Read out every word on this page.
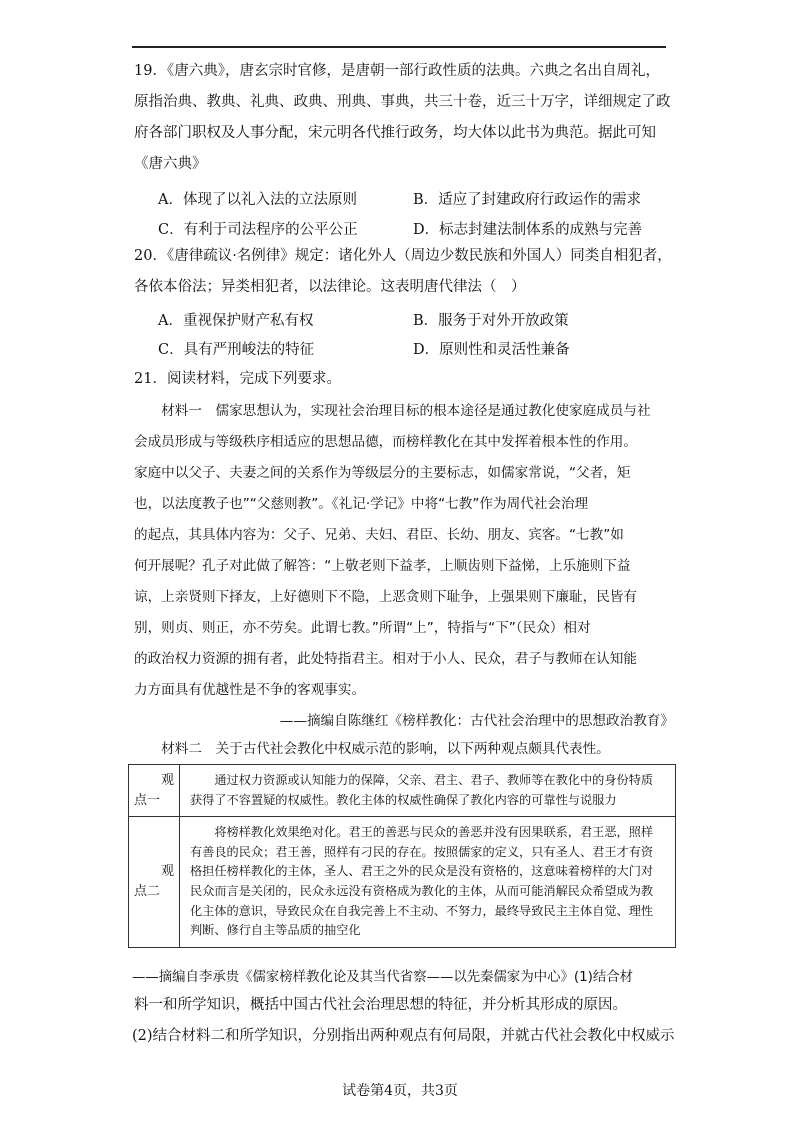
19．《唐六典》，唐玄宗时官修，是唐朝一部行政性质的法典。六典之名出自周礼，
原指治典、教典、礼典、政典、刑典、事典，共三十卷，近三十万字，详细规定了政
府各部门职权及人事分配，宋元明各代推行政务，均大体以此书为典范。据此可知
《唐六典》
A．体现了以礼入法的立法原则	B．适应了封建政府行政运作的需求
C．有利于司法程序的公平公正	D．标志封建法制体系的成熟与完善
20．《唐律疏议·名例律》规定：诸化外人（周边少数民族和外国人）同类自相犯者，
各依本俗法；异类相犯者，以法律论。这表明唐代律法（　）
A．重视保护财产私有权	B．服务于对外开放政策
C．具有严刑峻法的特征	D．原则性和灵活性兼备
21．阅读材料，完成下列要求。
　　材料一　儒家思想认为，实现社会治理目标的根本途径是通过教化使家庭成员与社
会成员形成与等级秩序相适应的思想品德，而榜样教化在其中发挥着根本性的作用。
家庭中以父子、夫妻之间的关系作为等级层分的主要标志，如儒家常说，“父者，矩
也，以法度教子也”“父慈则教”。《礼记·学记》中将“七教”作为周代社会治理
的起点，其具体内容为：父子、兄弟、夫妇、君臣、长幼、朋友、宾客。“七教”如
何开展呢？孔子对此做了解答：“上敬老则下益孝，上顺齿则下益悌，上乐施则下益
谅，上亲贤则下择友，上好德则下不隐，上恶贪则下耻争，上强果则下廉耻，民皆有
别，则贞、则正，亦不劳矣。此谓七教。”所谓“上”，特指与“下”（民众）相对
的政治权力资源的拥有者，此处特指君主。相对于小人、民众，君子与教师在认知能
力方面具有优越性是不争的客观事实。
——摘编自陈继红《榜样教化：古代社会治理中的思想政治教育》
　　材料二　关于古代社会教化中权威示范的影响，以下两种观点颇具代表性。
观
点一	　　通过权力资源或认知能力的保障，父亲、君主、君子、教师等在教化中的身份特质获得了不容置疑的权威性。教化主体的权威性确保了教化内容的可靠性与说服力

观
点二	　　将榜样教化效果绝对化。君王的善恶与民众的善恶并没有因果联系，君王恶，照样有善良的民众；君王善，照样有刁民的存在。按照儒家的定义，只有圣人、君王才有资格担任榜样教化的主体，圣人、君王之外的民众是没有资格的，这意味着榜样的大门对民众而言是关闭的，民众永远没有资格成为教化的主体，从而可能消解民众希望成为教化主体的意识，导致民众在自我完善上不主动、不努力，最终导致民主主体自觉、理性判断、修行自主等品质的抽空化
——摘编自李承贵《儒家榜样教化论及其当代省察——以先秦儒家为中心》(1)结合材
料一和所学知识，概括中国古代社会治理思想的特征，并分析其形成的原因。
(2)结合材料二和所学知识，分别指出两种观点有何局限，并就古代社会教化中权威示
试卷第4页，共3页
